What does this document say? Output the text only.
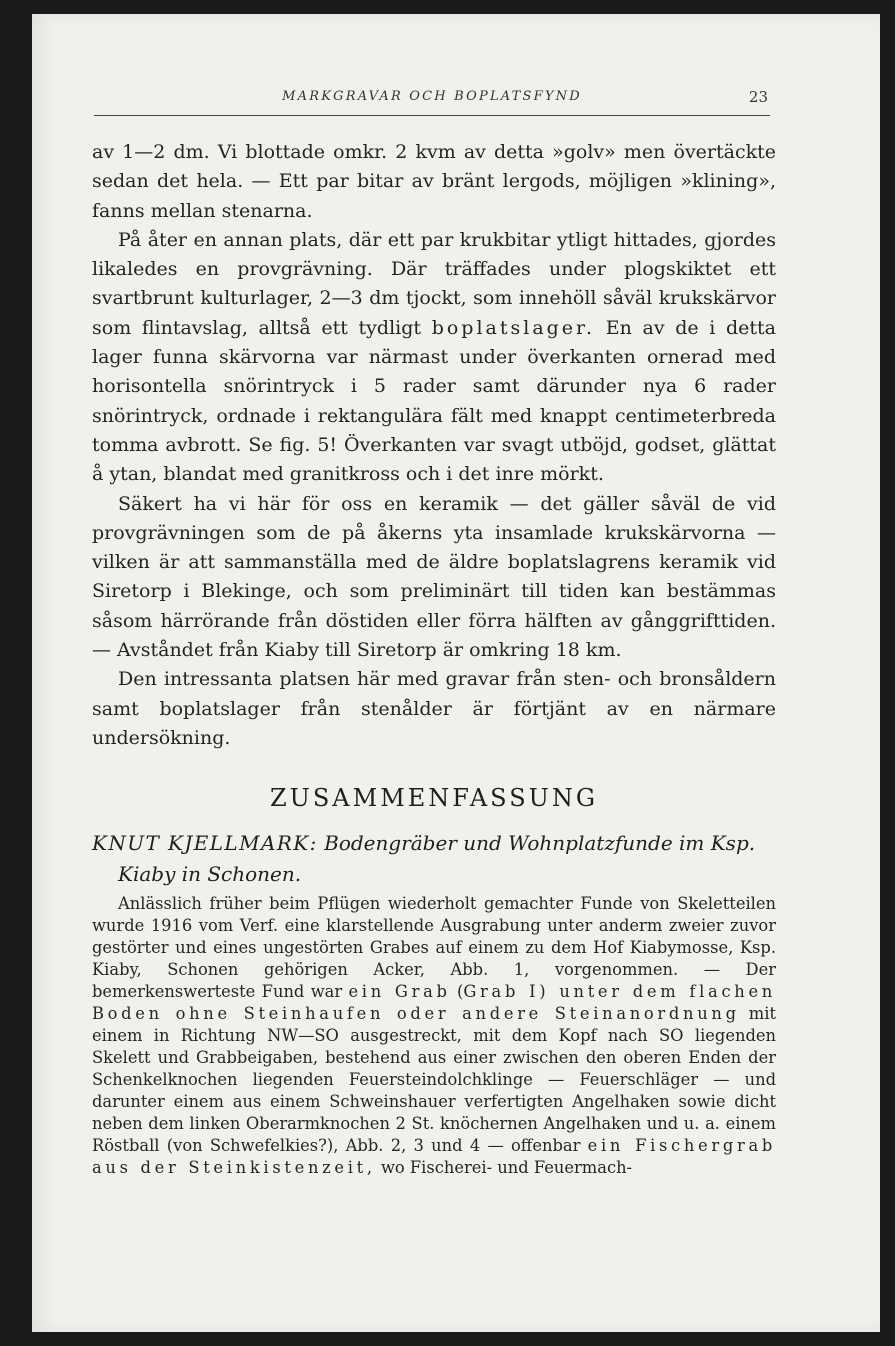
MARKGRAVAR OCH BOPLATSFYND	23

av 1—2 dm. Vi blottade omkr. 2 kvm av detta »golv» men övertäckte sedan det hela. — Ett par bitar av bränt lergods, möjligen »klining», fanns mellan stenarna.

På åter en annan plats, där ett par krukbitar ytligt hittades, gjordes likaledes en provgrävning. Där träffades under plogskiktet ett svartbrunt kulturlager, 2—3 dm tjockt, som innehöll såväl krukskärvor som flintavslag, alltså ett tydligt boplatslager. En av de i detta lager funna skärvorna var närmast under överkanten ornerad med horisontella snörintryck i 5 rader samt därunder nya 6 rader snörintryck, ordnade i rektangulära fält med knappt centimeterbreda tomma avbrott. Se fig. 5! Överkanten var svagt utböjd, godset, glättat å ytan, blandat med granitkross och i det inre mörkt.

Säkert ha vi här för oss en keramik — det gäller såväl de vid provgrävningen som de på åkerns yta insamlade krukskärvorna — vilken är att sammanställa med de äldre boplatslagrens keramik vid Siretorp i Blekinge, och som preliminärt till tiden kan bestämmas såsom härrörande från döstiden eller förra hälften av gånggrifttiden. — Avståndet från Kiaby till Siretorp är omkring 18 km.

Den intressanta platsen här med gravar från sten- och bronsåldern samt boplatslager från stenålder är förtjänt av en närmare undersökning.

ZUSAMMENFASSUNG

KNUT KJELLMARK: Bodengräber und Wohnplatzfunde im Ksp.
Kiaby in Schonen.

Anlässlich früher beim Pflügen wiederholt gemachter Funde von Skeletteilen wurde 1916 vom Verf. eine klarstellende Ausgrabung unter anderm zweier zuvor gestörter und eines ungestörten Grabes auf einem zu dem Hof Kiabymosse, Ksp. Kiaby, Schonen gehörigen Acker, Abb. 1, vorgenommen. — Der bemerkenswerteste Fund war ein Grab (Grab I) unter dem flachen Boden ohne Steinhaufen oder andere Steinanordnung mit einem in Richtung NW—SO ausgestreckt, mit dem Kopf nach SO liegenden Skelett und Grabbeigaben, bestehend aus einer zwischen den oberen Enden der Schenkelknochen liegenden Feuersteindolchklinge — Feuerschläger — und darunter einem aus einem Schweinshauer verfertigten Angelhaken sowie dicht neben dem linken Oberarmknochen 2 St. knöchernen Angelhaken und u. a. einem Röstball (von Schwefelkies?), Abb. 2, 3 und 4 — offenbar ein Fischergrab aus der Steinkistenzeit, wo Fischerei- und Feuermach-
